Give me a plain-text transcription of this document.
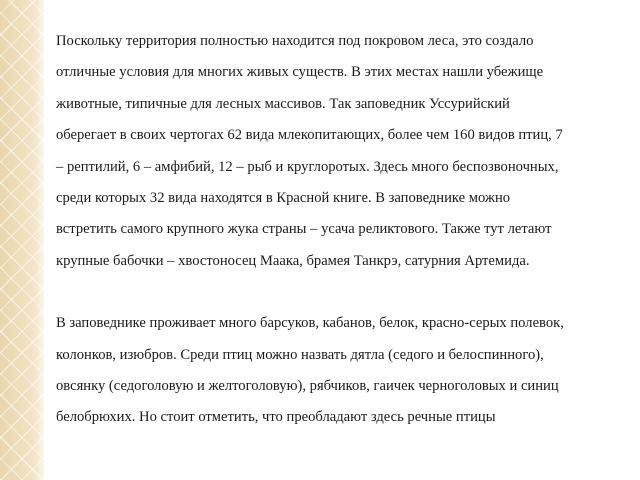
Поскольку территория полностью находится под покровом леса, это создало
отличные условия для многих живых существ. В этих местах нашли убежище
животные, типичные для лесных массивов. Так заповедник Уссурийский
оберегает в своих чертогах 62 вида млекопитающих, более чем 160 видов птиц, 7
– рептилий, 6 – амфибий, 12 – рыб и круглоротых. Здесь много беспозвоночных,
среди которых 32 вида находятся в Красной книге. В заповеднике можно
встретить самого крупного жука страны – усача реликтового. Также тут летают
крупные бабочки – хвостоносец Маака, брамея Танкрэ, сатурния Артемида.
В заповеднике проживает много барсуков, кабанов, белок, красно-серых полевок,
колонков, изюбров. Среди птиц можно назвать дятла (седого и белоспинного),
овсянку (седоголовую и желтоголовую), рябчиков, гаичек черноголовых и синиц
белобрюхих. Но стоит отметить, что преобладают здесь речные птицы
